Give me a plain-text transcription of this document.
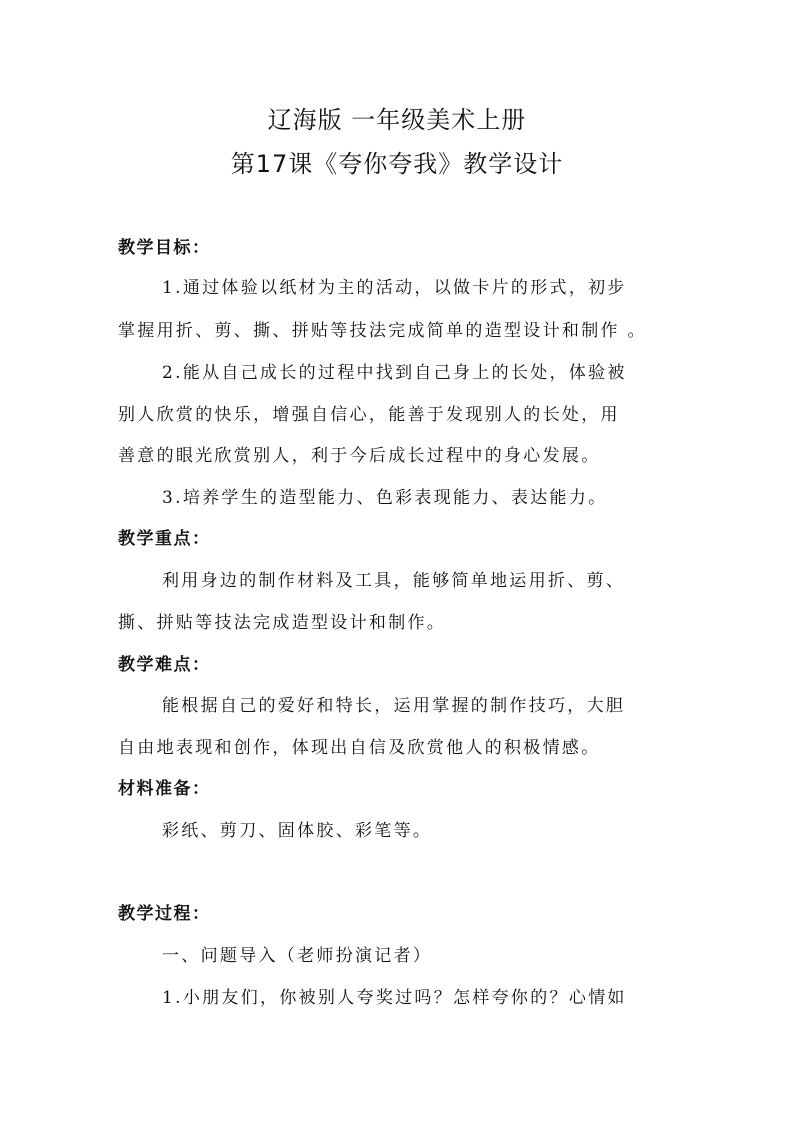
辽海版 一年级美术上册
第17课《夸你夸我》教学设计
教学目标：
1.通过体验以纸材为主的活动，以做卡片的形式，初步
掌握用折、剪、撕、拼贴等技法完成简单的造型设计和制作 。
2.能从自己成长的过程中找到自己身上的长处，体验被
别人欣赏的快乐，增强自信心，能善于发现别人的长处，用
善意的眼光欣赏别人，利于今后成长过程中的身心发展。
3.培养学生的造型能力、色彩表现能力、表达能力。
教学重点：
利用身边的制作材料及工具，能够简单地运用折、剪、
撕、拼贴等技法完成造型设计和制作。
教学难点：
能根据自己的爱好和特长，运用掌握的制作技巧，大胆
自由地表现和创作，体现出自信及欣赏他人的积极情感。
材料准备：
彩纸、剪刀、固体胶、彩笔等。
教学过程：
一、问题导入（老师扮演记者）
1.小朋友们，你被别人夸奖过吗？怎样夸你的？心情如
